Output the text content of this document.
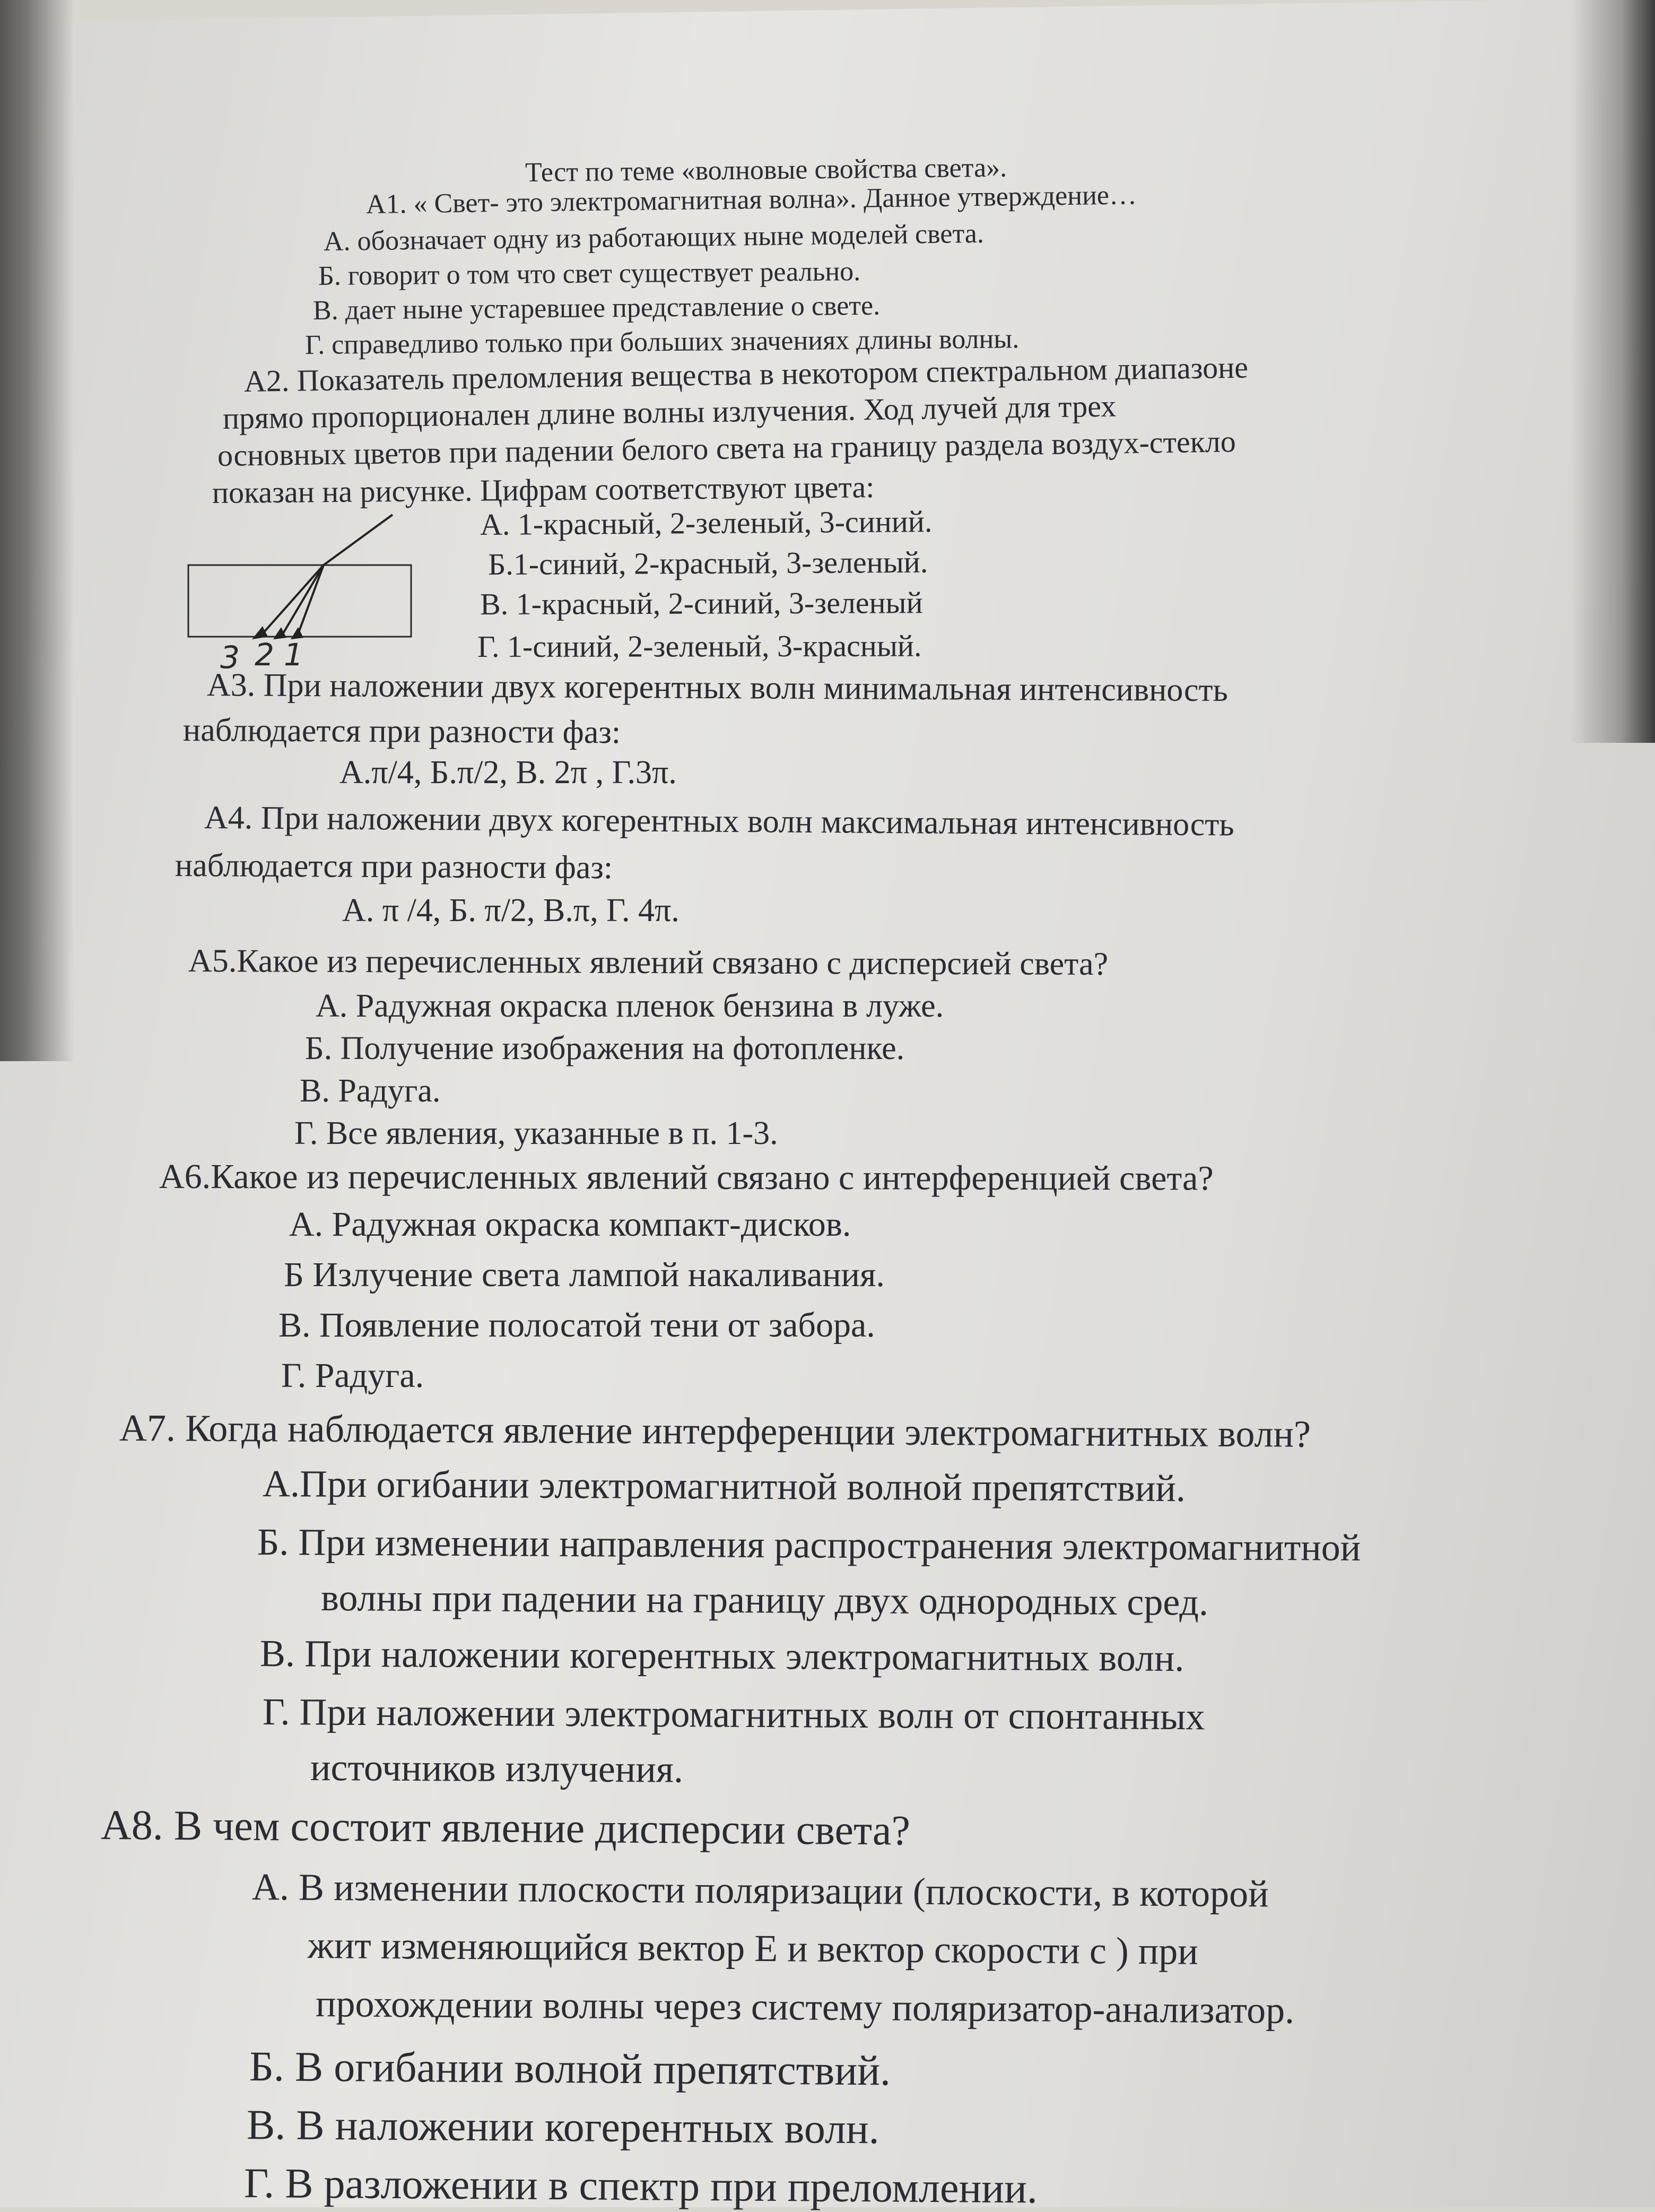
Тест по теме «волновые свойства света».
А1. « Свет- это электромагнитная волна». Данное утверждение…
А. обозначает одну из работающих ныне моделей света.
Б. говорит о том что свет существует реально.
В. дает ныне устаревшее представление о свете.
Г. справедливо только при больших значениях длины волны.
А2. Показатель преломления вещества в некотором спектральном диапазоне
прямо пропорционален длине волны излучения. Ход лучей для трех
основных цветов при падении белого света на границу раздела воздух-стекло
показан на рисунке. Цифрам соответствуют цвета:
3 2 1
А. 1-красный, 2-зеленый, 3-синий.
Б.1-синий, 2-красный, 3-зеленый.
В. 1-красный, 2-синий, 3-зеленый
Г. 1-синий, 2-зеленый, 3-красный.
А3. При наложении двух когерентных волн минимальная интенсивность
наблюдается при разности фаз:
А.π/4, Б.π/2, В. 2π , Г.3π.
А4. При наложении двух когерентных волн максимальная интенсивность
наблюдается при разности фаз:
А. π /4, Б. π/2, В.π, Г. 4π.
А5.Какое из перечисленных явлений связано с дисперсией света?
А. Радужная окраска пленок бензина в луже.
Б. Получение изображения на фотопленке.
В. Радуга.
Г. Все явления, указанные в п. 1-3.
А6.Какое из перечисленных явлений связано с интерференцией света?
А. Радужная окраска компакт-дисков.
Б Излучение света лампой накаливания.
В. Появление полосатой тени от забора.
Г. Радуга.
А7. Когда наблюдается явление интерференции электромагнитных волн?
А.При огибании электромагнитной волной препятствий.
Б. При изменении направления распространения электромагнитной
волны при падении на границу двух однородных сред.
В. При наложении когерентных электромагнитных волн.
Г. При наложении электромагнитных волн от спонтанных
источников излучения.
А8. В чем состоит явление дисперсии света?
А. В изменении плоскости поляризации (плоскости, в которой
жит изменяющийся вектор Е и вектор скорости с ) при
прохождении волны через систему поляризатор-анализатор.
Б. В огибании волной препятствий.
В. В наложении когерентных волн.
Г. В разложении в спектр при преломлении.
